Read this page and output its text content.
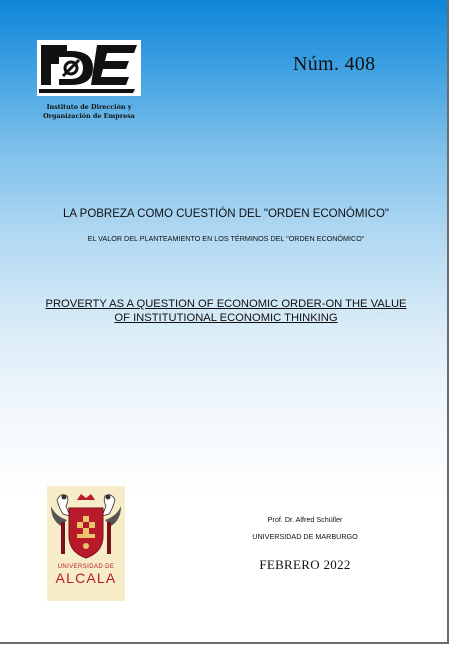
Instituto de Dirección y
Organización de Empresa
Núm. 408
LA POBREZA COMO CUESTIÓN DEL "ORDEN ECONÓMICO"
EL VALOR DEL PLANTEAMIENTO EN LOS TÉRMINOS DEL "ORDEN ECONÓMICO"
PROVERTY AS A QUESTION OF ECONOMIC ORDER-ON THE VALUE
OF INSTITUTIONAL ECONOMIC THINKING
UNIVERSIDAD DE
ALCALA
Prof. Dr. Alfred Schüller
UNIVERSIDAD DE MARBURGO
FEBRERO 2022
